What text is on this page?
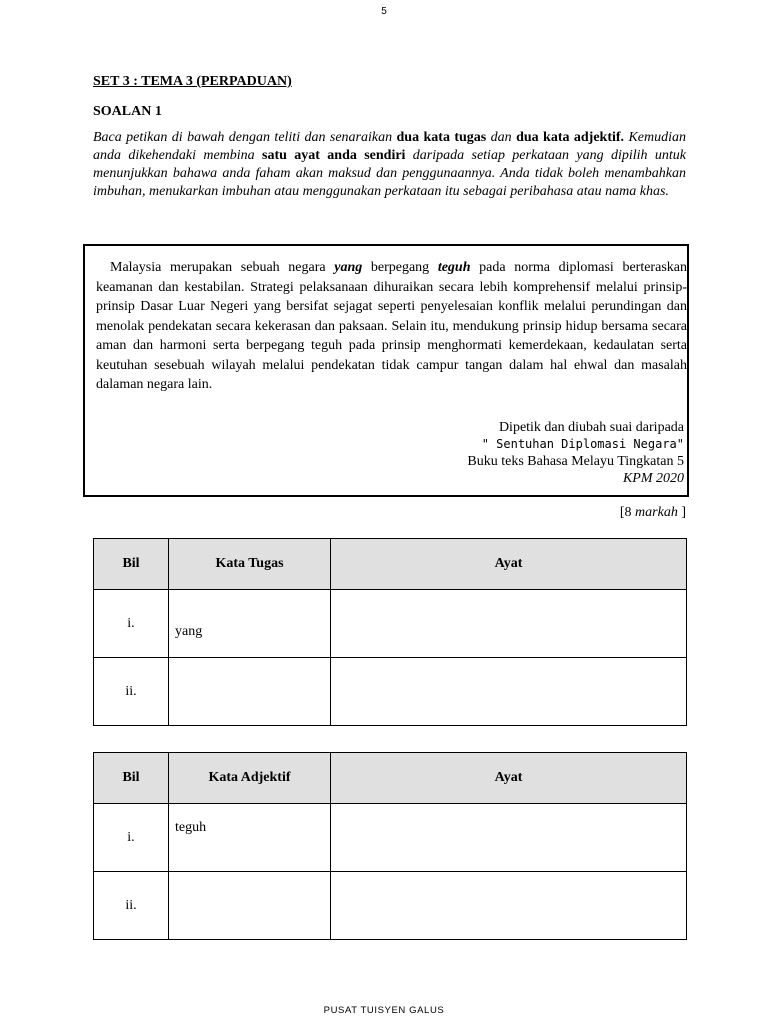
5
SET 3 : TEMA 3 (PERPADUAN)
SOALAN 1
Baca petikan di bawah dengan teliti dan senaraikan dua kata tugas dan dua kata adjektif. Kemudian anda dikehendaki membina satu ayat anda sendiri daripada setiap perkataan yang dipilih untuk menunjukkan bahawa anda faham akan maksud dan penggunaannya. Anda tidak boleh menambahkan imbuhan, menukarkan imbuhan atau menggunakan perkataan itu sebagai peribahasa atau nama khas.
Malaysia merupakan sebuah negara yang berpegang teguh pada norma diplomasi berteraskan keamanan dan kestabilan. Strategi pelaksanaan dihuraikan secara lebih komprehensif melalui prinsip-prinsip Dasar Luar Negeri yang bersifat sejagat seperti penyelesaian konflik melalui perundingan dan menolak pendekatan secara kekerasan dan paksaan. Selain itu, mendukung prinsip hidup bersama secara aman dan harmoni serta berpegang teguh pada prinsip menghormati kemerdekaan, kedaulatan serta keutuhan sesebuah wilayah melalui pendekatan tidak campur tangan dalam hal ehwal dan masalah dalaman negara lain.
Dipetik dan diubah suai daripada
" Sentuhan Diplomasi Negara"
Buku teks Bahasa Melayu Tingkatan 5
KPM 2020
[8 markah ]
Bil	Kata Tugas	Ayat
i.	yang	
ii.		
Bil	Kata Adjektif	Ayat
i.	teguh	
ii.		
PUSAT TUISYEN GALUS
